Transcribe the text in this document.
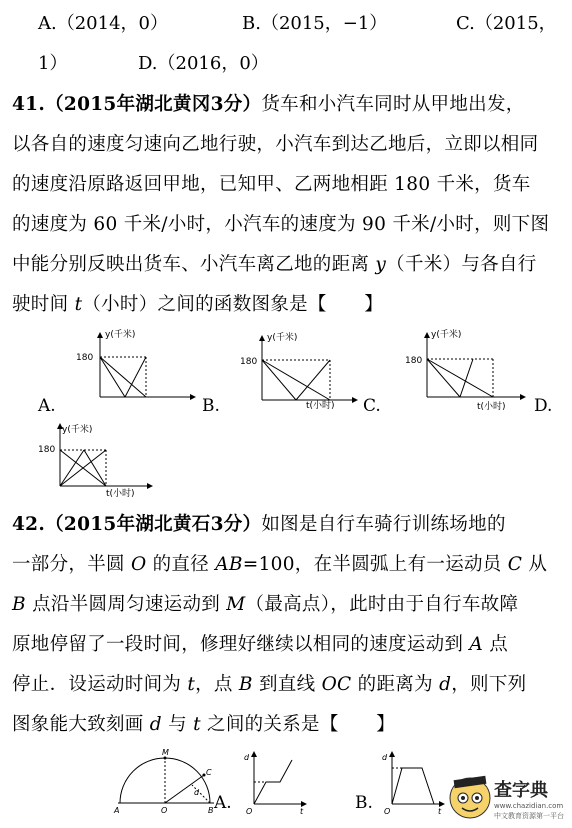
A.（2014，0）	B.（2015，−1）	C.（2015，
1）	D.（2016，0）
41.（2015年湖北黄冈3分）货车和小汽车同时从甲地出发，
以各自的速度匀速向乙地行驶，小汽车到达乙地后，立即以相同
的速度沿原路返回甲地，已知甲、乙两地相距 180 千米，货车
的速度为 60 千米/小时，小汽车的速度为 90 千米/小时，则下图
中能分别反映出货车、小汽车离乙地的距离 y（千米）与各自行
驶时间 t（小时）之间的函数图象是【　　】
y(千米)
180
A.
y(千米)
180
t(小时)
B.
y(千米)
180
t(小时)
C.	D.
y(千米)
180
t(小时)
42.（2015年湖北黄石3分）如图是自行车骑行训练场地的
一部分，半圆 O 的直径 AB=100，在半圆弧上有一运动员 C 从
B 点沿半圆周匀速运动到 M（最高点），此时由于自行车故障
原地停留了一段时间，修理好继续以相同的速度运动到 A 点
停止．设运动时间为 t，点 B 到直线 OC 的距离为 d，则下列
图象能大致刻画 d 与 t 之间的关系是【　　】
M
C
A	O	B
d
A.
d
O	t	B.
d
O	t
查字典
www.chazidian.com
中文教育资源第一平台
